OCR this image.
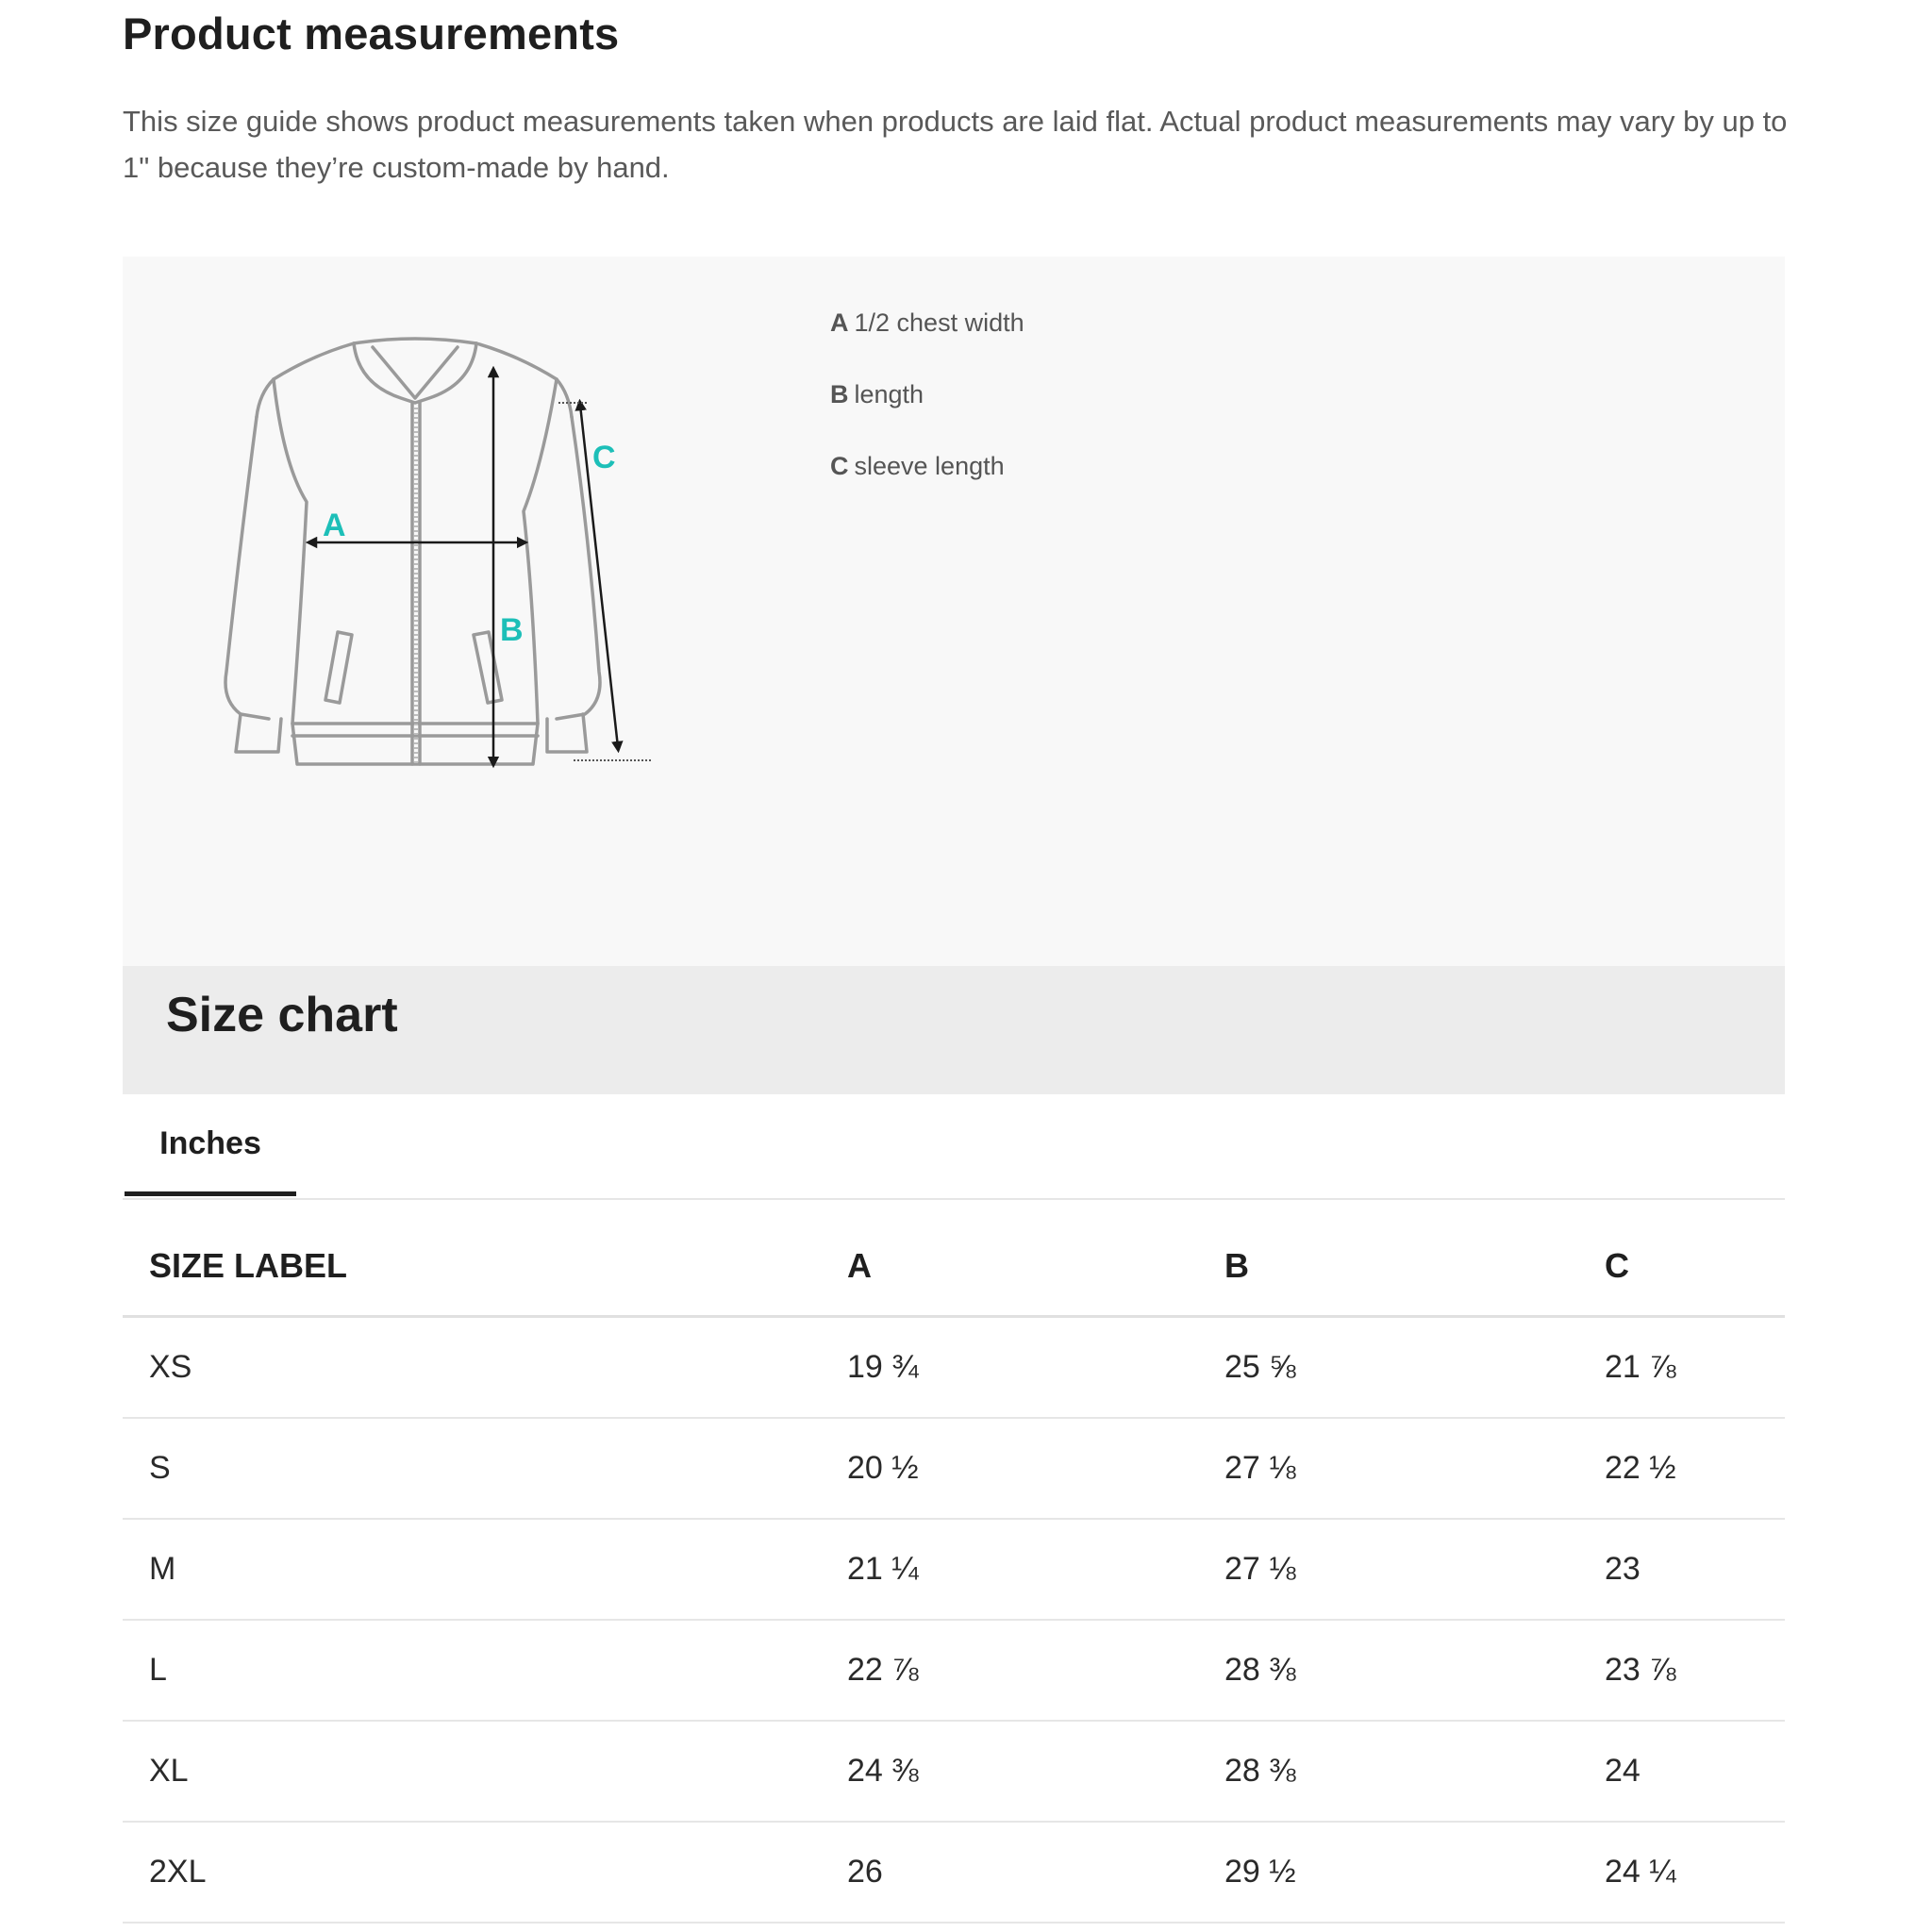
Product measurements
This size guide shows product measurements taken when products are laid flat. Actual product measurements may vary by up to 1" because they’re custom-made by hand.
A
B
C
A 1/2 chest width
B length
C sleeve length
Size chart
Inches
SIZE LABEL	A	B	C
XS	19 ¾	25 ⅝	21 ⅞
S	20 ½	27 ⅛	22 ½
M	21 ¼	27 ⅛	23
L	22 ⅞	28 ⅜	23 ⅞
XL	24 ⅜	28 ⅜	24
2XL	26	29 ½	24 ¼
